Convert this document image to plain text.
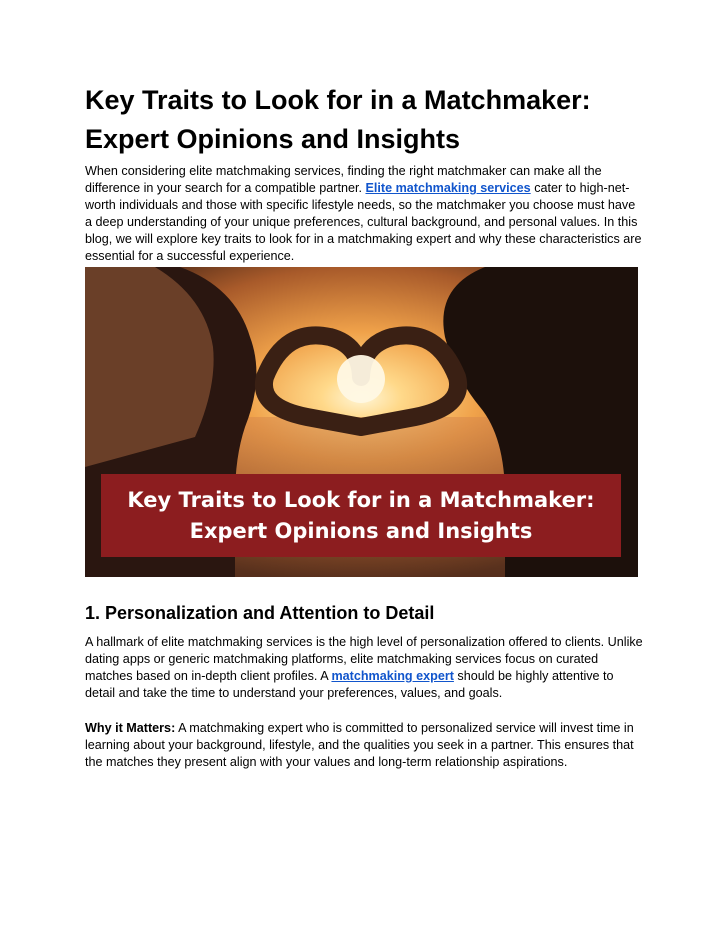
Key Traits to Look for in a Matchmaker: Expert Opinions and Insights

When considering elite matchmaking services, finding the right matchmaker can make all the difference in your search for a compatible partner. Elite matchmaking services cater to high-net-worth individuals and those with specific lifestyle needs, so the matchmaker you choose must have a deep understanding of your unique preferences, cultural background, and personal values. In this blog, we will explore key traits to look for in a matchmaking expert and why these characteristics are essential for a successful experience.

Key Traits to Look for in a Matchmaker: Expert Opinions and Insights
1. Personalization and Attention to Detail

A hallmark of elite matchmaking services is the high level of personalization offered to clients. Unlike dating apps or generic matchmaking platforms, elite matchmaking services focus on curated matches based on in-depth client profiles. A matchmaking expert should be highly attentive to detail and take the time to understand your preferences, values, and goals.

Why it Matters: A matchmaking expert who is committed to personalized service will invest time in learning about your background, lifestyle, and the qualities you seek in a partner. This ensures that the matches they present align with your values and long-term relationship aspirations.
